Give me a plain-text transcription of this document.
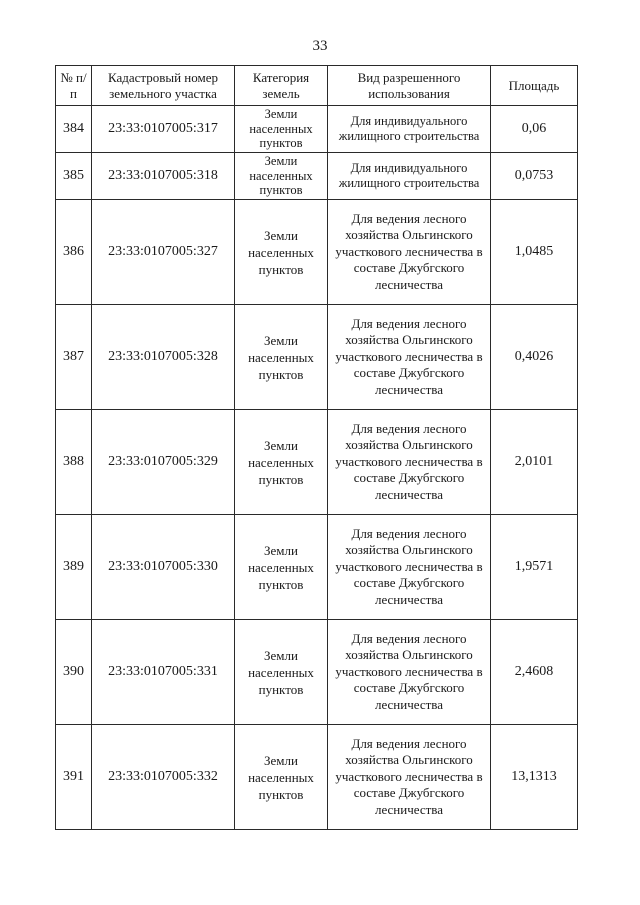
33
№ п/п	Кадастровый номер земельного участка	Категория земель	Вид разрешенного использования	Площадь
384	23:33:0107005:317	Земли населенных пунктов	Для индивидуального жилищного строительства	0,06
385	23:33:0107005:318	Земли населенных пунктов	Для индивидуального жилищного строительства	0,0753
386	23:33:0107005:327	Земли населенных пунктов	Для ведения лесного хозяйства Ольгинского участкового лесничества в составе Джубгского лесничества	1,0485
387	23:33:0107005:328	Земли населенных пунктов	Для ведения лесного хозяйства Ольгинского участкового лесничества в составе Джубгского лесничества	0,4026
388	23:33:0107005:329	Земли населенных пунктов	Для ведения лесного хозяйства Ольгинского участкового лесничества в составе Джубгского лесничества	2,0101
389	23:33:0107005:330	Земли населенных пунктов	Для ведения лесного хозяйства Ольгинского участкового лесничества в составе Джубгского лесничества	1,9571
390	23:33:0107005:331	Земли населенных пунктов	Для ведения лесного хозяйства Ольгинского участкового лесничества в составе Джубгского лесничества	2,4608
391	23:33:0107005:332	Земли населенных пунктов	Для ведения лесного хозяйства Ольгинского участкового лесничества в составе Джубгского лесничества	13,1313
